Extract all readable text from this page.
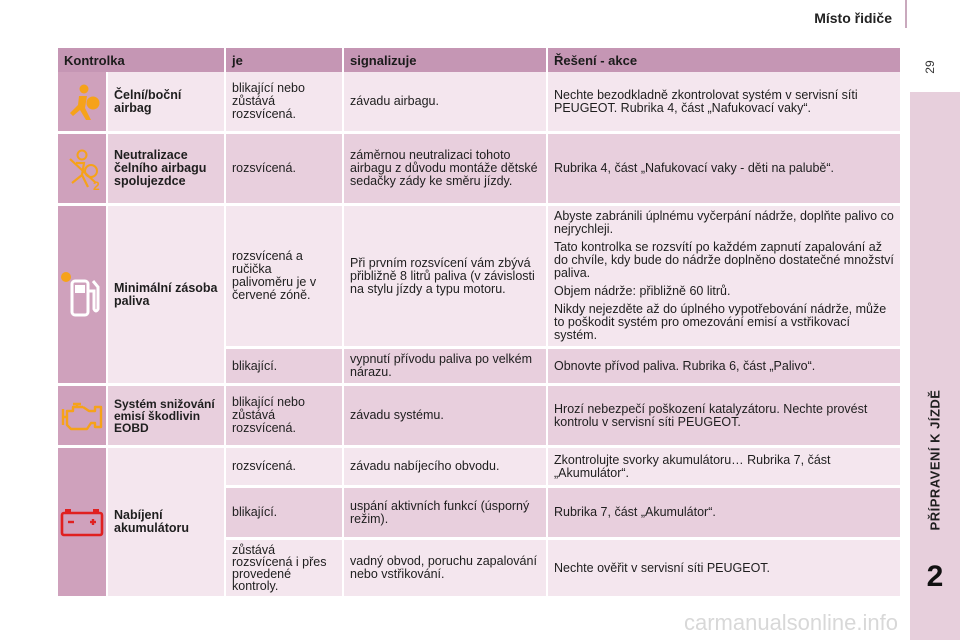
Místo řidiče
29
PŘÍPRAVENÍ K JÍZDĚ
2
Kontrolka		je	signalizuje	Řešení - akce

	Čelní/boční airbag	blikající nebo zůstává rozsvícená.	závadu airbagu.	Nechte bezodkladně zkontrolovat systém v servisní síti PEUGEOT. Rubrika 4, část „Nafukovací vaky“.

2	Neutralizace čelního airbagu spolujezdce	rozsvícená.	záměrnou neutralizaci tohoto airbagu z důvodu montáže dětské sedačky zády ke směru jízdy.	Rubrika 4, část „Nafukovací vaky - děti na palubě“.

	Minimální zásoba paliva	rozsvícená a ručička palivoměru je v červené zóně.	Při prvním rozsvícení vám zbývá přibližně 8 litrů paliva (v závislosti na stylu jízdy a typu motoru.	Abyste zabránili úplnému vyčerpání nádrže, doplňte palivo co nejrychleji.

Tato kontrolka se rozsvítí po každém zapnutí zapalování až do chvíle, kdy bude do nádrže doplněno dostatečné množství paliva.

Objem nádrže: přibližně 60 litrů.

Nikdy nejezděte až do úplného vypotřebování nádrže, může to poškodit systém pro omezování emisí a vstřikovací systém.

		blikající.	vypnutí přívodu paliva po velkém nárazu.	Obnovte přívod paliva. Rubrika 6, část „Palivo“.

	Systém snižování emisí škodlivin EOBD	blikající nebo zůstává rozsvícená.	závadu systému.	Hrozí nebezpečí poškození katalyzátoru. Nechte provést kontrolu v servisní síti PEUGEOT.

	Nabíjení akumulátoru	rozsvícená.	závadu nabíjecího obvodu.	Zkontrolujte svorky akumulátoru… Rubrika 7, část „Akumulátor“.

		blikající.	uspání aktivních funkcí (úsporný režim).	Rubrika 7, část „Akumulátor“.

		zůstává rozsvícená i přes provedené kontroly.	vadný obvod, poruchu zapalování nebo vstřikování.	Nechte ověřit v servisní síti PEUGEOT.

carmanualsonline.info
